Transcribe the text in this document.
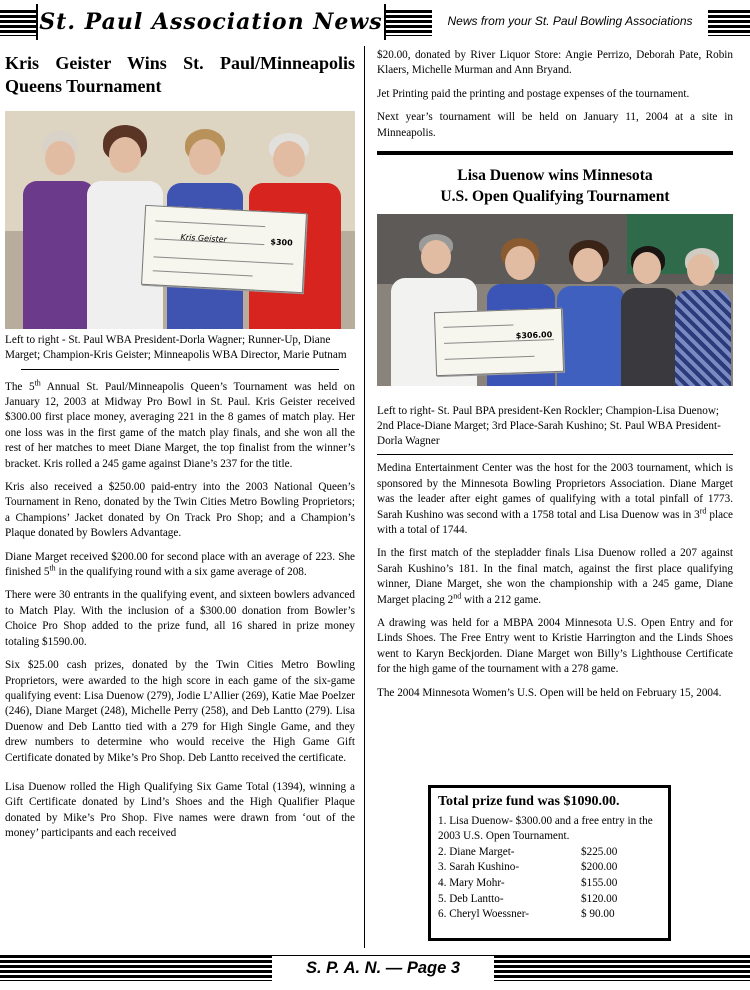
St. Paul Association News	News from your St. Paul Bowling Associations
Kris Geister Wins St. Paul/Minneapolis Queens Tournament
Kris Geister	$300
Left to right - St. Paul WBA President-Dorla Wagner; Runner-Up, Diane Marget; Champion-Kris Geister; Minneapolis WBA Director, Marie Putnam

The 5th Annual St. Paul/Minneapolis Queen’s Tournament was held on January 12, 2003 at Midway Pro Bowl in St. Paul. Kris Geister received $300.00 first place money, averaging 221 in the 8 games of match play. Her one loss was in the first game of the match play finals, and she won all the rest of her matches to meet Diane Marget, the top finalist from the winner’s bracket. Kris rolled a 245 game against Diane’s 237 for the title.

Kris also received a $250.00 paid-entry into the 2003 National Queen’s Tournament in Reno, donated by the Twin Cities Metro Bowling Proprietors; a Champions’ Jacket donated by On Track Pro Shop; and a Champion’s Plaque donated by Bowlers Advantage.

Diane Marget received $200.00 for second place with an average of 223. She finished 5th in the qualifying round with a six game average of 208.

There were 30 entrants in the qualifying event, and sixteen bowlers advanced to Match Play. With the inclusion of a $300.00 donation from Bowler’s Choice Pro Shop added to the prize fund, all 16 shared in prize money totaling $1590.00.

Six $25.00 cash prizes, donated by the Twin Cities Metro Bowling Proprietors, were awarded to the high score in each game of the six-game qualifying event: Lisa Duenow (279), Jodie L’Allier (269), Katie Mae Poelzer (246), Diane Marget (248), Michelle Perry (258), and Deb Lantto (279). Lisa Duenow and Deb Lantto tied with a 279 for High Single Game, and they drew numbers to determine who would receive the High Game Gift Certificate donated by Mike’s Pro Shop. Deb Lantto received the certificate.

Lisa Duenow rolled the High Qualifying Six Game Total (1394), winning a Gift Certificate donated by Lind’s Shoes and the High Qualifier Plaque donated by Mike’s Pro Shop. Five names were drawn from ‘out of the money’ participants and each received

$20.00, donated by River Liquor Store: Angie Perrizo, Deborah Pate, Robin Klaers, Michelle Murman and Ann Bryand.

Jet Printing paid the printing and postage expenses of the tournament.

Next year’s tournament will be held on January 11, 2004 at a site in Minneapolis.

Lisa Duenow wins Minnesota
U.S. Open Qualifying Tournament
$306.00
Left to right- St. Paul BPA president-Ken Rockler; Champion-Lisa Duenow; 2nd Place-Diane Marget; 3rd Place-Sarah Kushino; St. Paul WBA President-Dorla Wagner

Medina Entertainment Center was the host for the 2003 tournament, which is sponsored by the Minnesota Bowling Proprietors Association. Diane Marget was the leader after eight games of qualifying with a total pinfall of 1773. Sarah Kushino was second with a 1758 total and Lisa Duenow was in 3rd place with a total of 1744.

In the first match of the stepladder finals Lisa Duenow rolled a 207 against Sarah Kushino’s 181. In the final match, against the first place qualifying winner, Diane Marget, she won the championship with a 245 game, Diane Marget placing 2nd with a 212 game.

A drawing was held for a MBPA 2004 Minnesota U.S. Open Entry and for Linds Shoes. The Free Entry went to Kristie Harrington and the Linds Shoes went to Karyn Beckjorden. Diane Marget won Billy’s Lighthouse Certificate for the high game of the tournament with a 278 game.

The 2004 Minnesota Women’s U.S. Open will be held on February 15, 2004.

Total prize fund was $1090.00.
1. Lisa Duenow- $300.00 and a free entry in the 2003 U.S. Open Tournament.
2. Diane Marget-	$225.00
3. Sarah Kushino-	$200.00
4. Mary Mohr-	$155.00
5. Deb Lantto-	$120.00
6. Cheryl Woessner-	$ 90.00
S. P. A. N. — Page 3
